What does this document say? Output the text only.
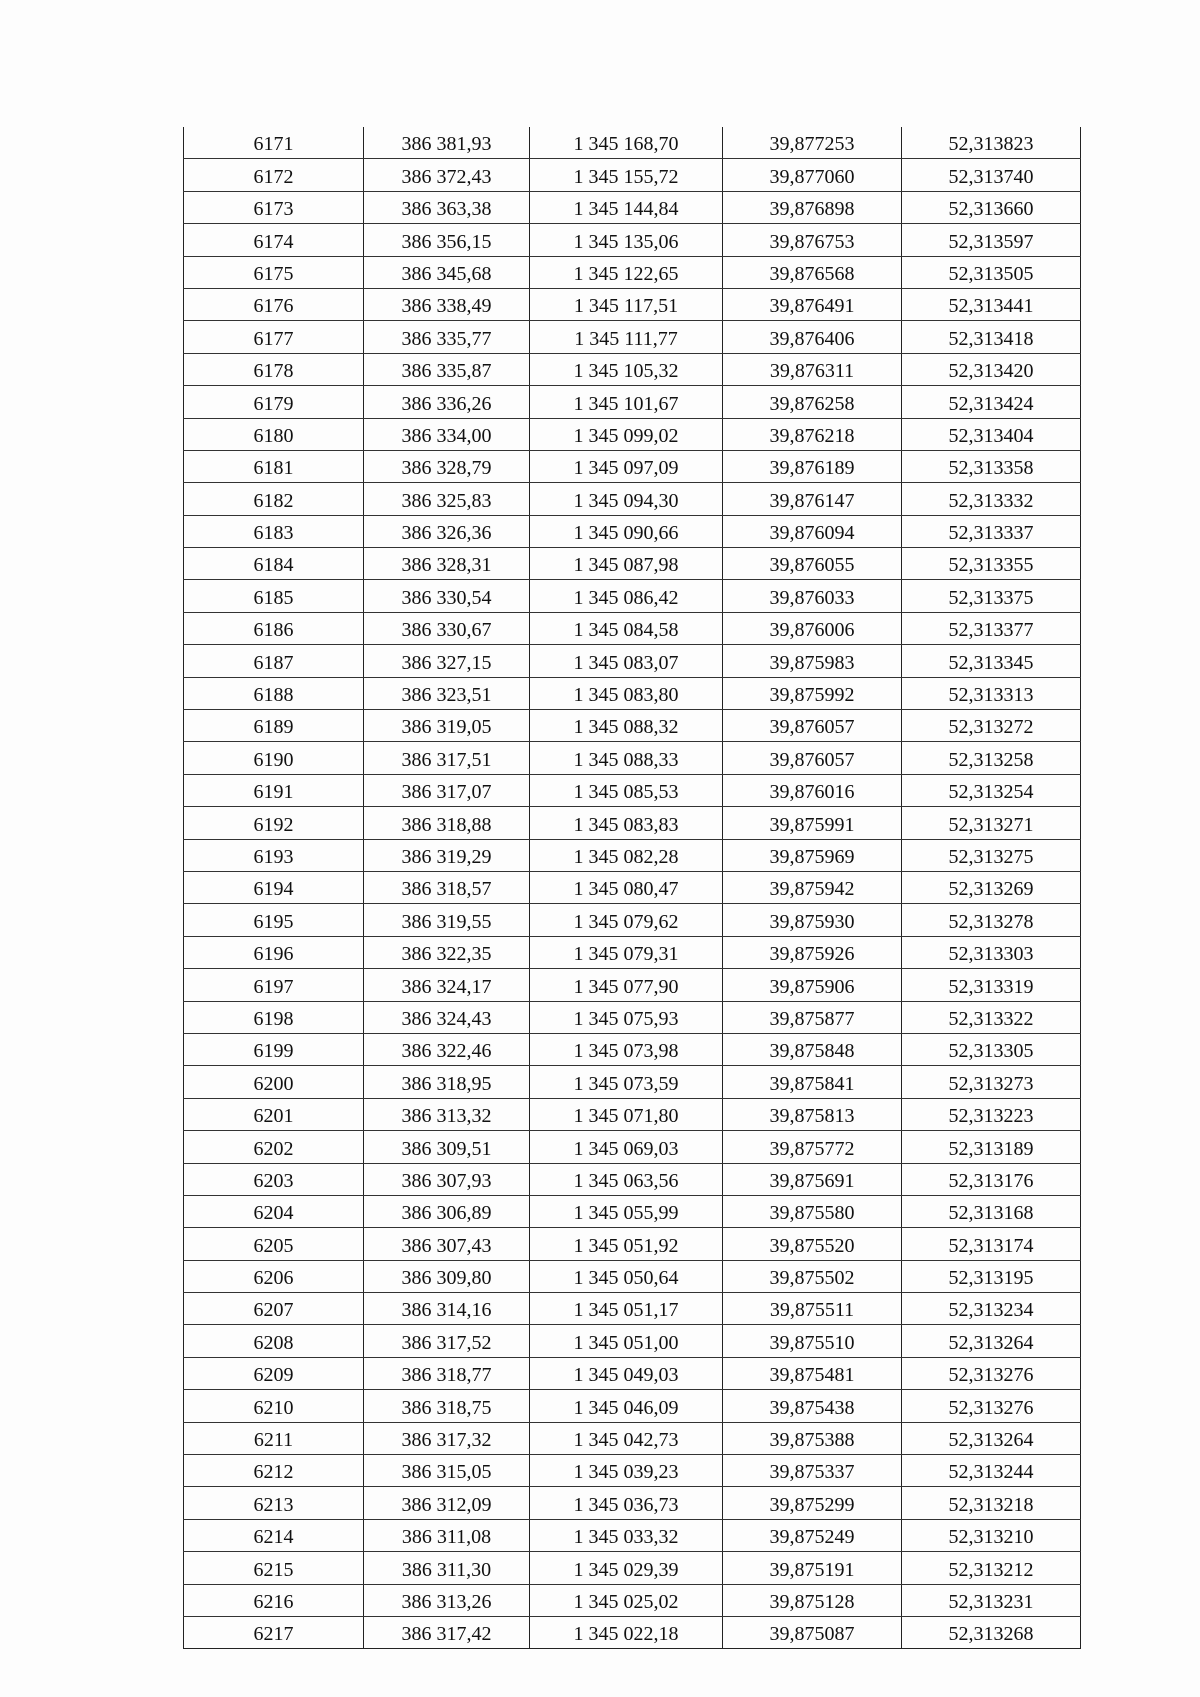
6171	386 381,93	1 345 168,70	39,877253	52,313823
6172	386 372,43	1 345 155,72	39,877060	52,313740
6173	386 363,38	1 345 144,84	39,876898	52,313660
6174	386 356,15	1 345 135,06	39,876753	52,313597
6175	386 345,68	1 345 122,65	39,876568	52,313505
6176	386 338,49	1 345 117,51	39,876491	52,313441
6177	386 335,77	1 345 111,77	39,876406	52,313418
6178	386 335,87	1 345 105,32	39,876311	52,313420
6179	386 336,26	1 345 101,67	39,876258	52,313424
6180	386 334,00	1 345 099,02	39,876218	52,313404
6181	386 328,79	1 345 097,09	39,876189	52,313358
6182	386 325,83	1 345 094,30	39,876147	52,313332
6183	386 326,36	1 345 090,66	39,876094	52,313337
6184	386 328,31	1 345 087,98	39,876055	52,313355
6185	386 330,54	1 345 086,42	39,876033	52,313375
6186	386 330,67	1 345 084,58	39,876006	52,313377
6187	386 327,15	1 345 083,07	39,875983	52,313345
6188	386 323,51	1 345 083,80	39,875992	52,313313
6189	386 319,05	1 345 088,32	39,876057	52,313272
6190	386 317,51	1 345 088,33	39,876057	52,313258
6191	386 317,07	1 345 085,53	39,876016	52,313254
6192	386 318,88	1 345 083,83	39,875991	52,313271
6193	386 319,29	1 345 082,28	39,875969	52,313275
6194	386 318,57	1 345 080,47	39,875942	52,313269
6195	386 319,55	1 345 079,62	39,875930	52,313278
6196	386 322,35	1 345 079,31	39,875926	52,313303
6197	386 324,17	1 345 077,90	39,875906	52,313319
6198	386 324,43	1 345 075,93	39,875877	52,313322
6199	386 322,46	1 345 073,98	39,875848	52,313305
6200	386 318,95	1 345 073,59	39,875841	52,313273
6201	386 313,32	1 345 071,80	39,875813	52,313223
6202	386 309,51	1 345 069,03	39,875772	52,313189
6203	386 307,93	1 345 063,56	39,875691	52,313176
6204	386 306,89	1 345 055,99	39,875580	52,313168
6205	386 307,43	1 345 051,92	39,875520	52,313174
6206	386 309,80	1 345 050,64	39,875502	52,313195
6207	386 314,16	1 345 051,17	39,875511	52,313234
6208	386 317,52	1 345 051,00	39,875510	52,313264
6209	386 318,77	1 345 049,03	39,875481	52,313276
6210	386 318,75	1 345 046,09	39,875438	52,313276
6211	386 317,32	1 345 042,73	39,875388	52,313264
6212	386 315,05	1 345 039,23	39,875337	52,313244
6213	386 312,09	1 345 036,73	39,875299	52,313218
6214	386 311,08	1 345 033,32	39,875249	52,313210
6215	386 311,30	1 345 029,39	39,875191	52,313212
6216	386 313,26	1 345 025,02	39,875128	52,313231
6217	386 317,42	1 345 022,18	39,875087	52,313268
